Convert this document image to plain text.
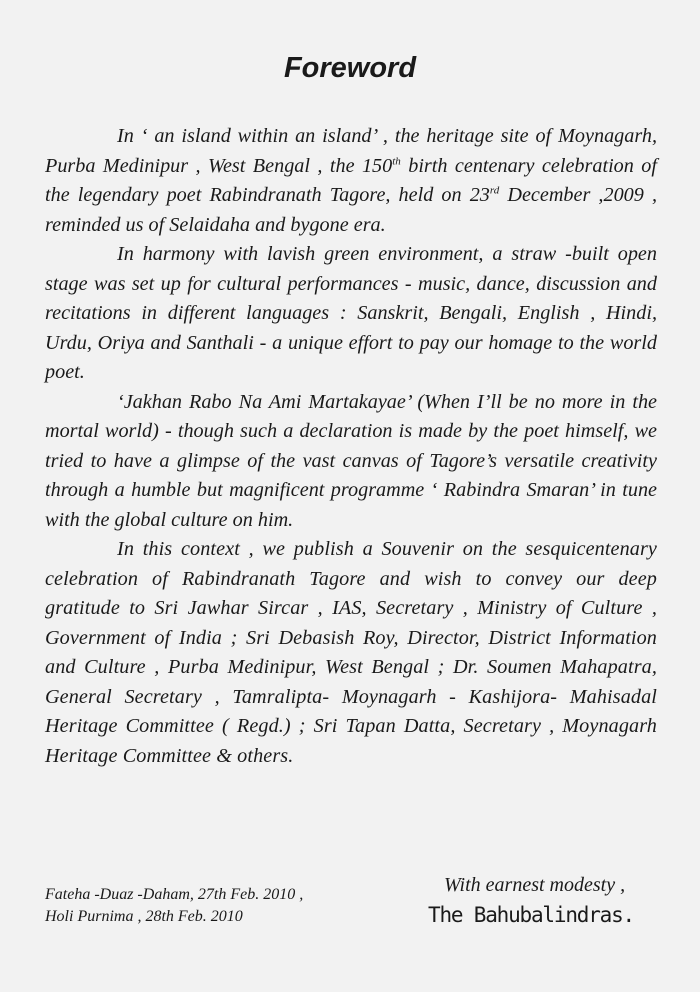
Foreword

In ‘ an island within an island’ , the heritage site of Moynagarh, Purba Medinipur , West Bengal , the 150th birth centenary celebration of the legendary poet Rabindranath Tagore, held on 23rd December ,2009 , reminded us of Selaidaha and bygone era.

In harmony with lavish green environment, a straw -built open stage was set up for cultural performances - music, dance, discussion and recitations in different languages : Sanskrit, Bengali, English , Hindi, Urdu, Oriya and Santhali - a unique effort to pay our homage to the world poet.

‘Jakhan Rabo Na Ami Martakayae’ (When I’ll be no more in the mortal world) - though such a declaration is made by the poet himself, we tried to have a glimpse of the vast canvas of Tagore’s versatile creativity through a humble but magnificent programme ‘ Rabindra Smaran’ in tune with the global culture on him.

In this context , we publish a Souvenir on the sesquicentenary celebration of Rabindranath Tagore and wish to convey our deep gratitude to Sri Jawhar Sircar , IAS, Secretary , Ministry of Culture , Government of India ; Sri Debasish Roy, Director, District Information and Culture , Purba Medinipur, West Bengal ; Dr. Soumen Mahapatra, General Secretary , Tamralipta- Moynagarh - Kashijora- Mahisadal Heritage Committee ( Regd.) ; Sri Tapan Datta, Secretary , Moynagarh Heritage Committee & others.

Fateha -Duaz -Daham, 27th Feb. 2010 ,
Holi Purnima , 28th Feb. 2010
With earnest modesty ,
The Bahubalindras.
